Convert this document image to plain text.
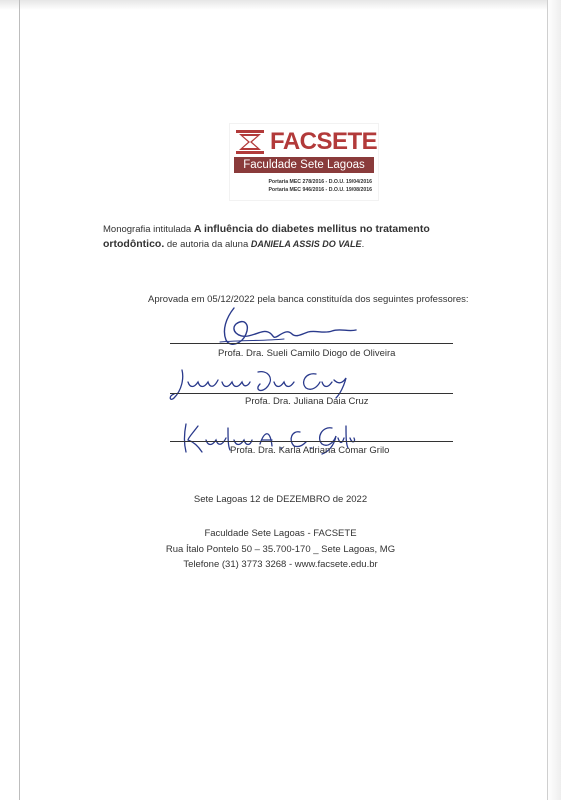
FACSETE
Faculdade Sete Lagoas
Portaria MEC 278/2016 - D.O.U. 19/04/2016
Portaria MEC 946/2016 - D.O.U. 19/08/2016
Monografia intitulada A influência do diabetes mellitus no tratamento ortodôntico. de autoria da aluna DANIELA ASSIS DO VALE.
Aprovada em 05/12/2022 pela banca constituída dos seguintes professores:
Profa. Dra. Sueli Camilo Diogo de Oliveira
Profa. Dra. Juliana Daia Cruz
Profa. Dra. Karla Adriana Comar Grilo
Sete Lagoas 12 de DEZEMBRO de 2022
Faculdade Sete Lagoas - FACSETE
Rua Ítalo Pontelo 50 – 35.700-170 _ Sete Lagoas, MG
Telefone (31) 3773 3268 - www.facsete.edu.br
